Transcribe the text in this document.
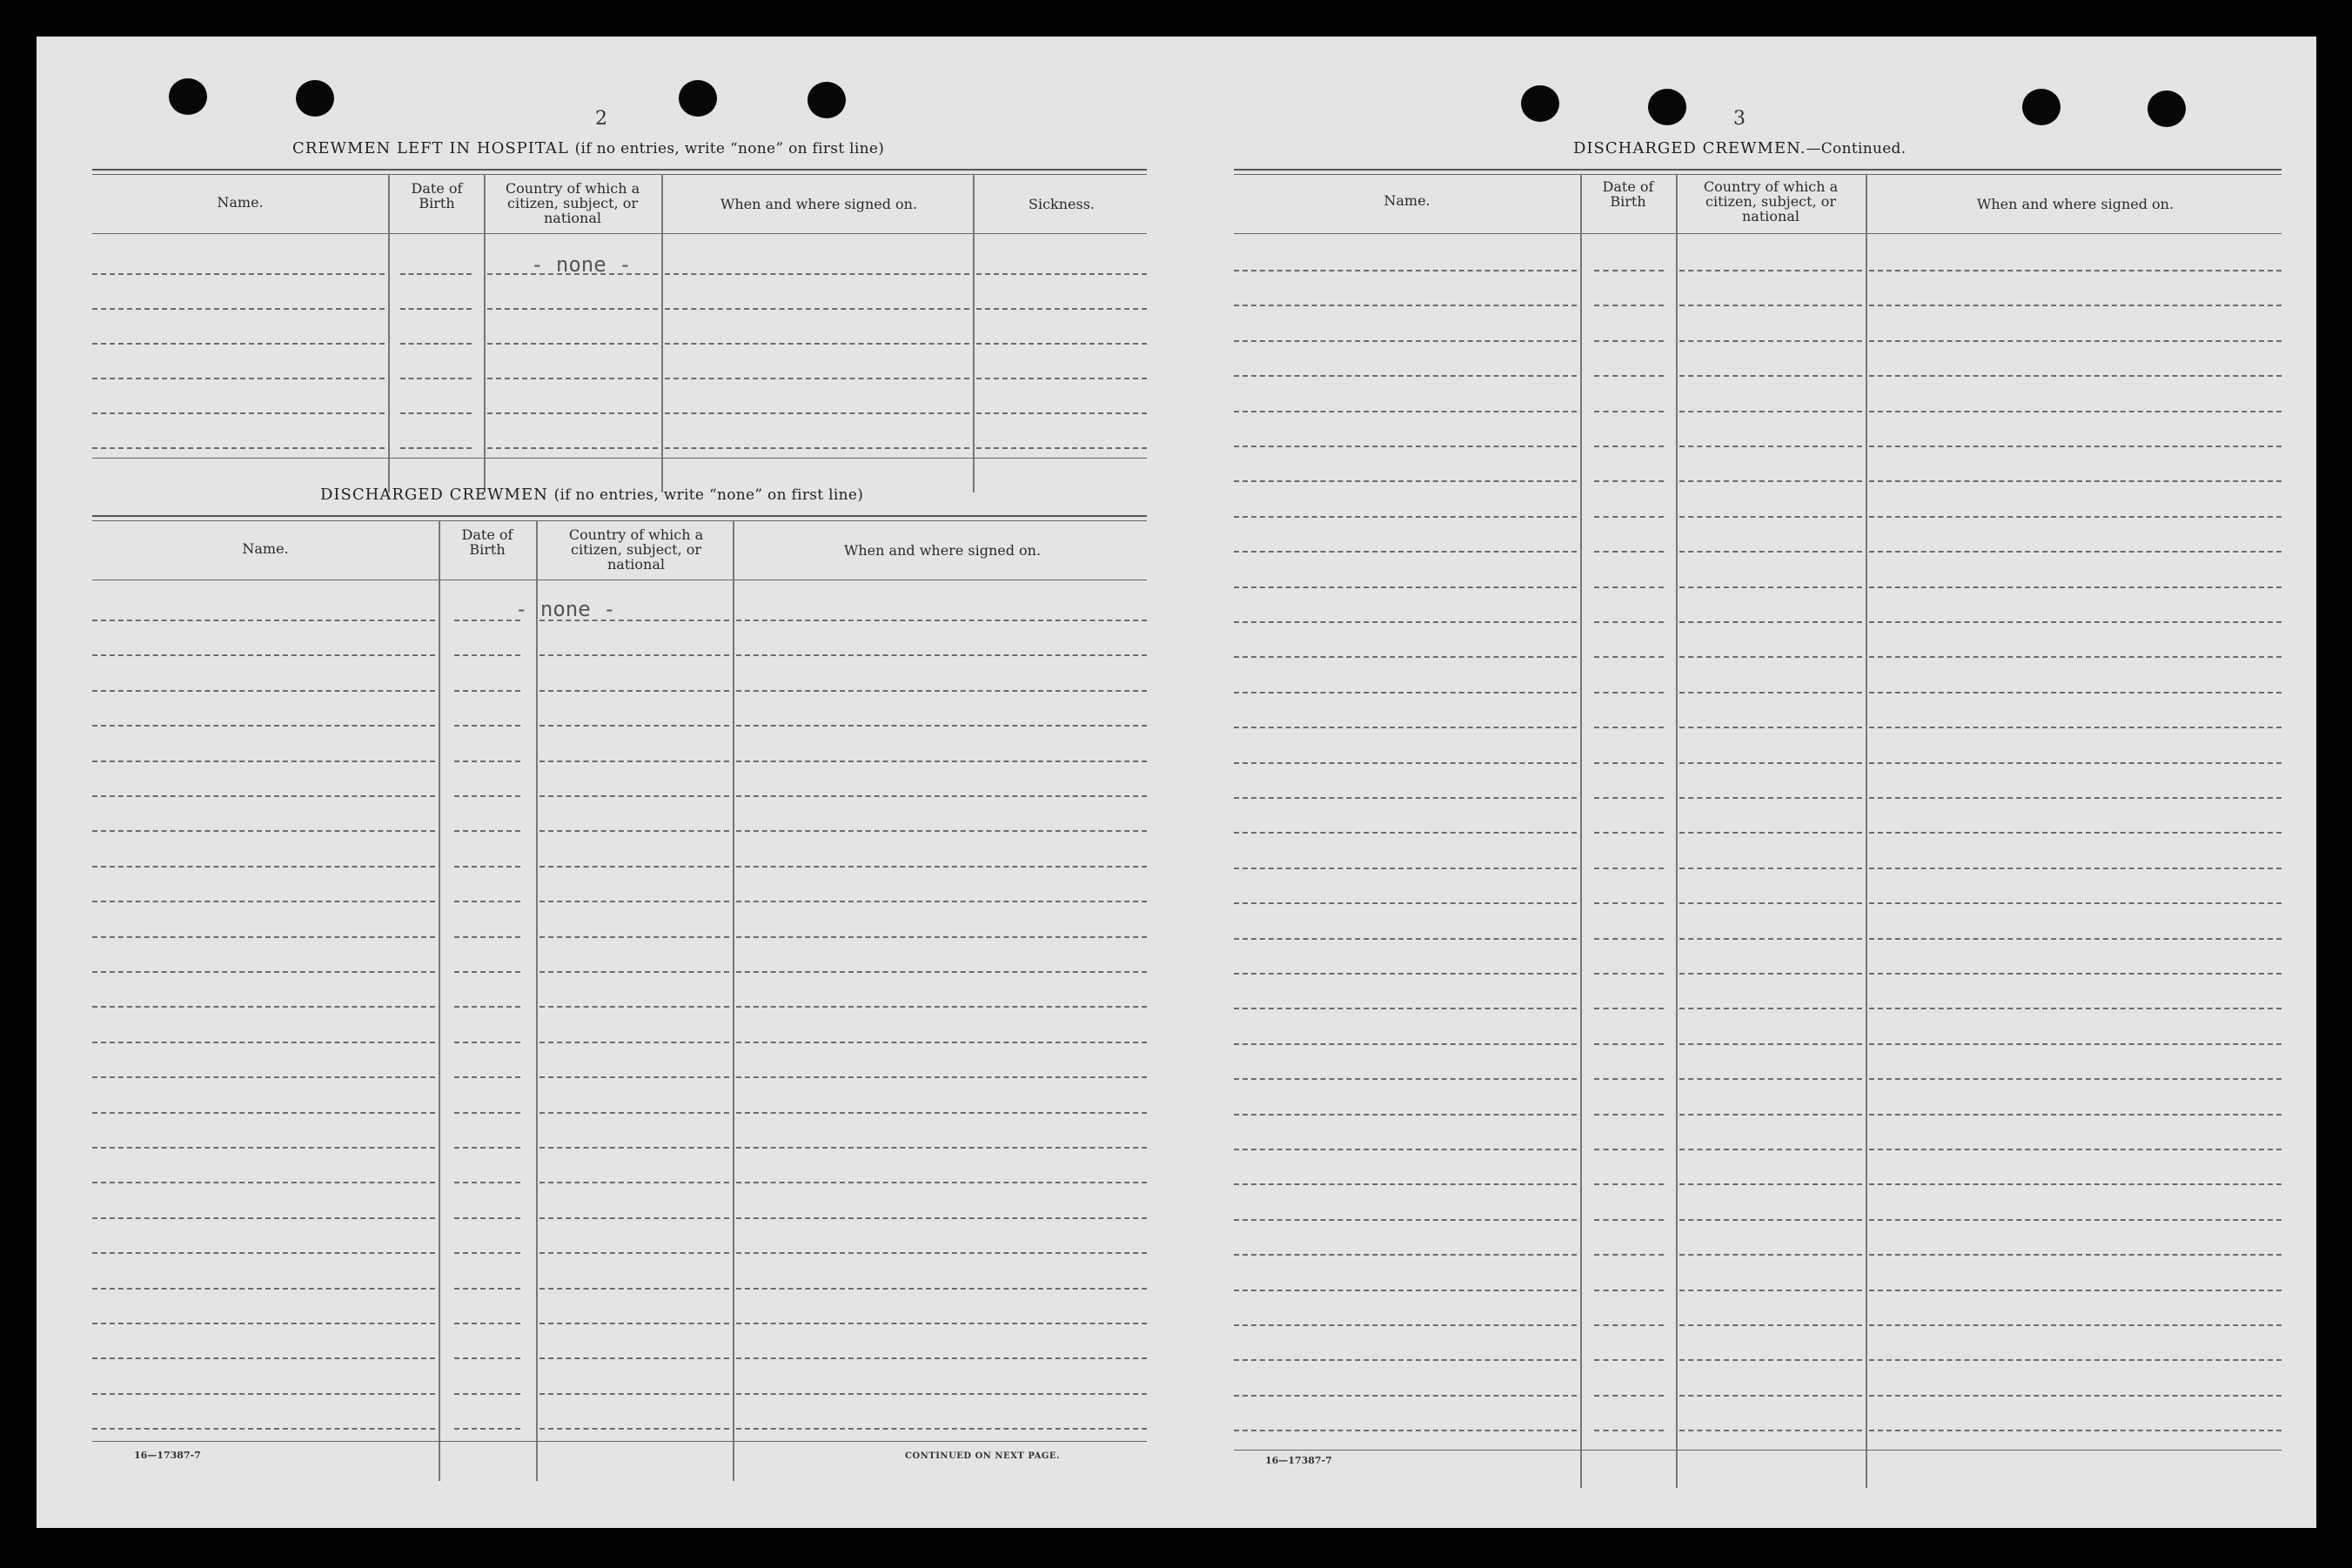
2
CREWMEN LEFT IN HOSPITAL (if no entries, write “none” on first line)
Name.
Date of Birth
Country of which a citizen, subject, or national
When and where signed on.	Sickness.
- none -
DISCHARGED CREWMEN (if no entries, write “none” on first line)
Name.
Date of Birth
Country of which a citizen, subject, or national
When and where signed on.
- none -
16—17387-7	CONTINUED ON NEXT PAGE.
3
DISCHARGED CREWMEN.—Continued.
Name.
Date of Birth
Country of which a citizen, subject, or national
When and where signed on.
16—17387-7
